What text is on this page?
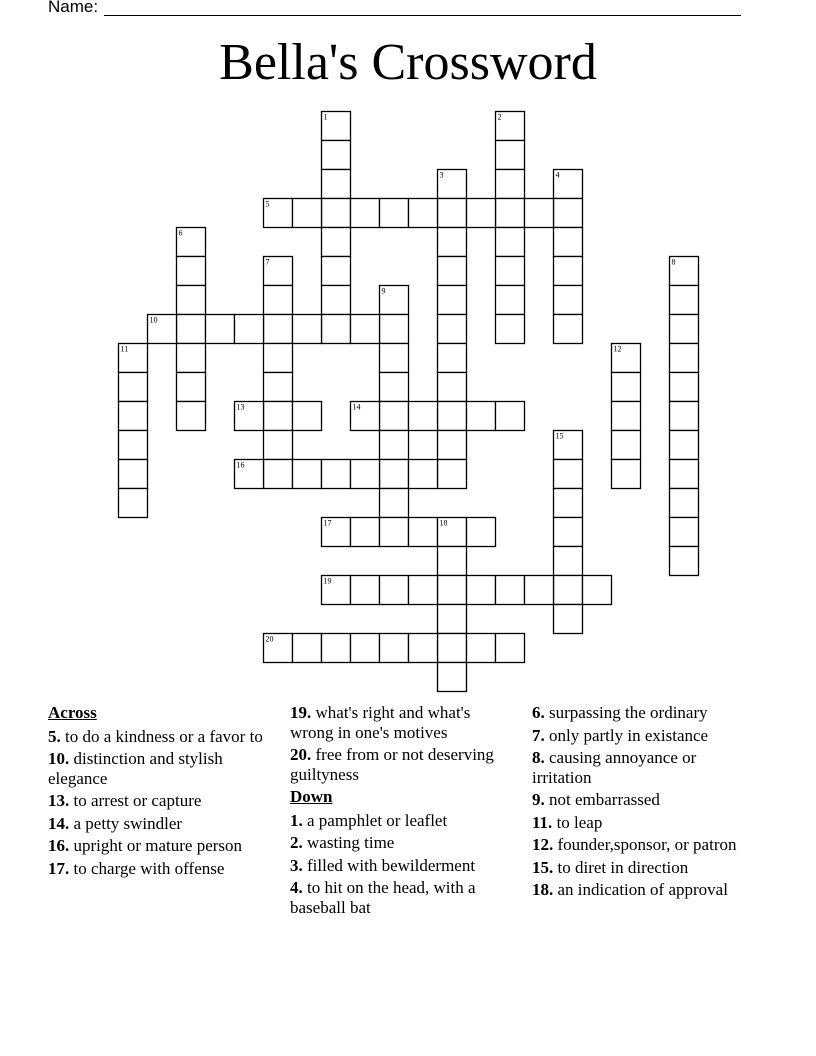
Name:
Bella's Crossword
1	2
3	4
5
6
7	8
9
10
11	12
13	14
15
16
17	18
19
20
Across
5. to do a kindness or a favor to
10. distinction and stylish elegance
13. to arrest or capture
14. a petty swindler
16. upright or mature person
17. to charge with offense
19. what's right and what's wrong in one's motives
20. free from or not deserving guiltyness
Down
1. a pamphlet or leaflet
2. wasting time
3. filled with bewilderment
4. to hit on the head, with a baseball bat
6. surpassing the ordinary
7. only partly in existance
8. causing annoyance or irritation
9. not embarrassed
11. to leap
12. founder,sponsor, or patron
15. to diret in direction
18. an indication of approval
